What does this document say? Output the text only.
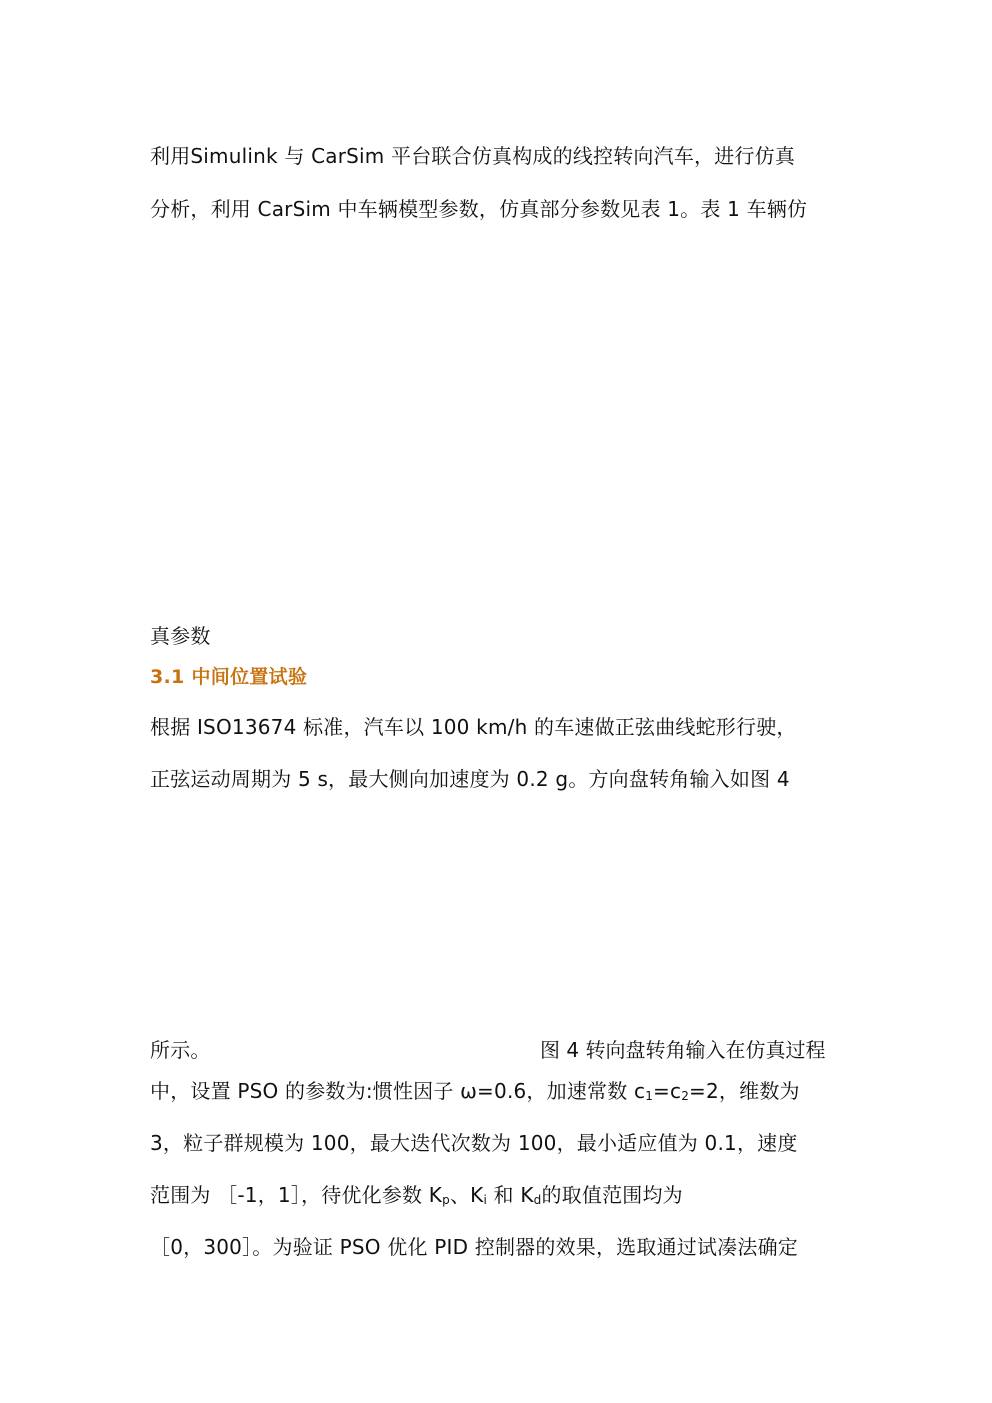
利用Simulink 与 CarSim 平台联合仿真构成的线控转向汽车，进行仿真
分析，利用 CarSim 中车辆模型参数，仿真部分参数见表 1。表 1 车辆仿
真参数
3.1 中间位置试验
根据 ISO13674 标准，汽车以 100 km/h 的车速做正弦曲线蛇形行驶，
正弦运动周期为 5 s，最大侧向加速度为 0.2 g。方向盘转角输入如图 4
所示。	图 4 转向盘转角输入在仿真过程
中，设置 PSO 的参数为:惯性因子 ω=0.6，加速常数 $c_1=c_2=2$，维数为
3，粒子群规模为 100，最大迭代次数为 100，最小适应值为 0.1，速度
范围为 ［-1，1］，待优化参数 $K_p$、$K_i$ 和 $K_d$的取值范围均为
［0，300］。为验证 PSO 优化 PID 控制器的效果，选取通过试凑法确定
